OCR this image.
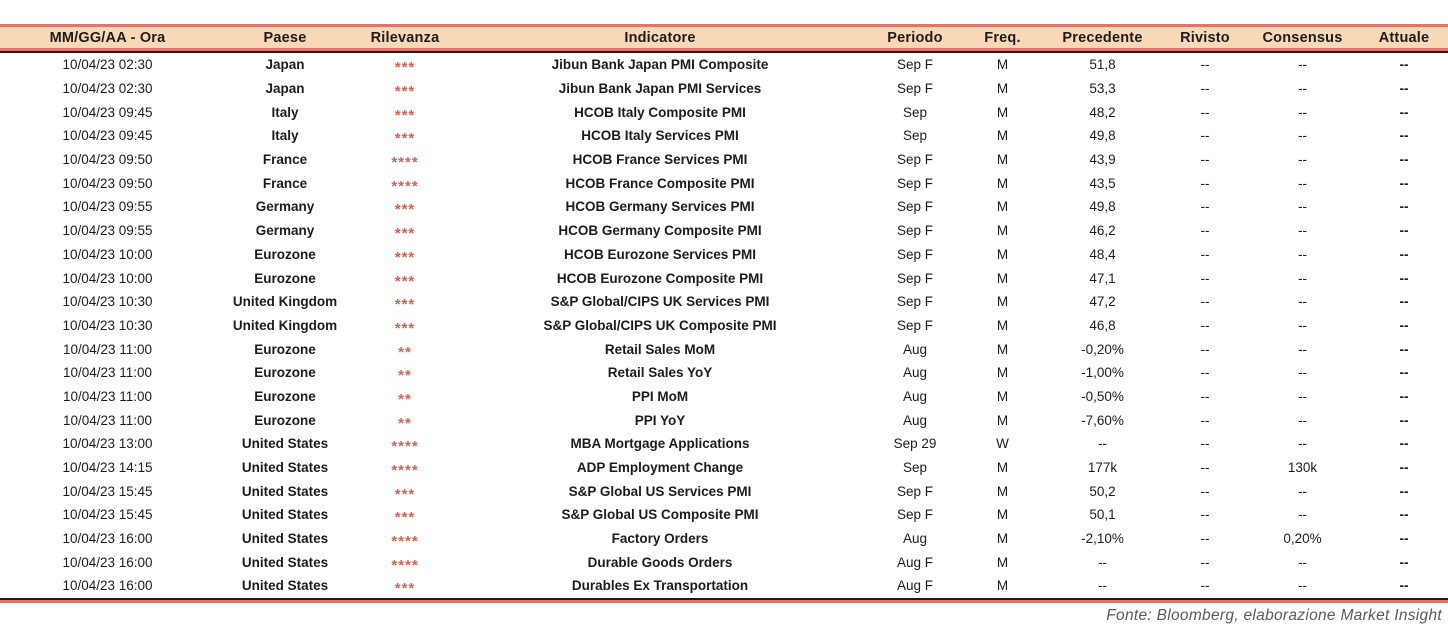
MM/GG/AA - Ora	Paese	Rilevanza	Indicatore	Periodo	Freq.	Precedente	Rivisto	Consensus	Attuale
10/04/23 02:30	Japan	***	Jibun Bank Japan PMI Composite	Sep F	M	51,8	--	--	--
10/04/23 02:30	Japan	***	Jibun Bank Japan PMI Services	Sep F	M	53,3	--	--	--
10/04/23 09:45	Italy	***	HCOB Italy Composite PMI	Sep	M	48,2	--	--	--
10/04/23 09:45	Italy	***	HCOB Italy Services PMI	Sep	M	49,8	--	--	--
10/04/23 09:50	France	****	HCOB France Services PMI	Sep F	M	43,9	--	--	--
10/04/23 09:50	France	****	HCOB France Composite PMI	Sep F	M	43,5	--	--	--
10/04/23 09:55	Germany	***	HCOB Germany Services PMI	Sep F	M	49,8	--	--	--
10/04/23 09:55	Germany	***	HCOB Germany Composite PMI	Sep F	M	46,2	--	--	--
10/04/23 10:00	Eurozone	***	HCOB Eurozone Services PMI	Sep F	M	48,4	--	--	--
10/04/23 10:00	Eurozone	***	HCOB Eurozone Composite PMI	Sep F	M	47,1	--	--	--
10/04/23 10:30	United Kingdom	***	S&P Global/CIPS UK Services PMI	Sep F	M	47,2	--	--	--
10/04/23 10:30	United Kingdom	***	S&P Global/CIPS UK Composite PMI	Sep F	M	46,8	--	--	--
10/04/23 11:00	Eurozone	**	Retail Sales MoM	Aug	M	-0,20%	--	--	--
10/04/23 11:00	Eurozone	**	Retail Sales YoY	Aug	M	-1,00%	--	--	--
10/04/23 11:00	Eurozone	**	PPI MoM	Aug	M	-0,50%	--	--	--
10/04/23 11:00	Eurozone	**	PPI YoY	Aug	M	-7,60%	--	--	--
10/04/23 13:00	United States	****	MBA Mortgage Applications	Sep 29	W	--	--	--	--
10/04/23 14:15	United States	****	ADP Employment Change	Sep	M	177k	--	130k	--
10/04/23 15:45	United States	***	S&P Global US Services PMI	Sep F	M	50,2	--	--	--
10/04/23 15:45	United States	***	S&P Global US Composite PMI	Sep F	M	50,1	--	--	--
10/04/23 16:00	United States	****	Factory Orders	Aug	M	-2,10%	--	0,20%	--
10/04/23 16:00	United States	****	Durable Goods Orders	Aug F	M	--	--	--	--
10/04/23 16:00	United States	***	Durables Ex Transportation	Aug F	M	--	--	--	--
Fonte: Bloomberg, elaborazione Market Insight
